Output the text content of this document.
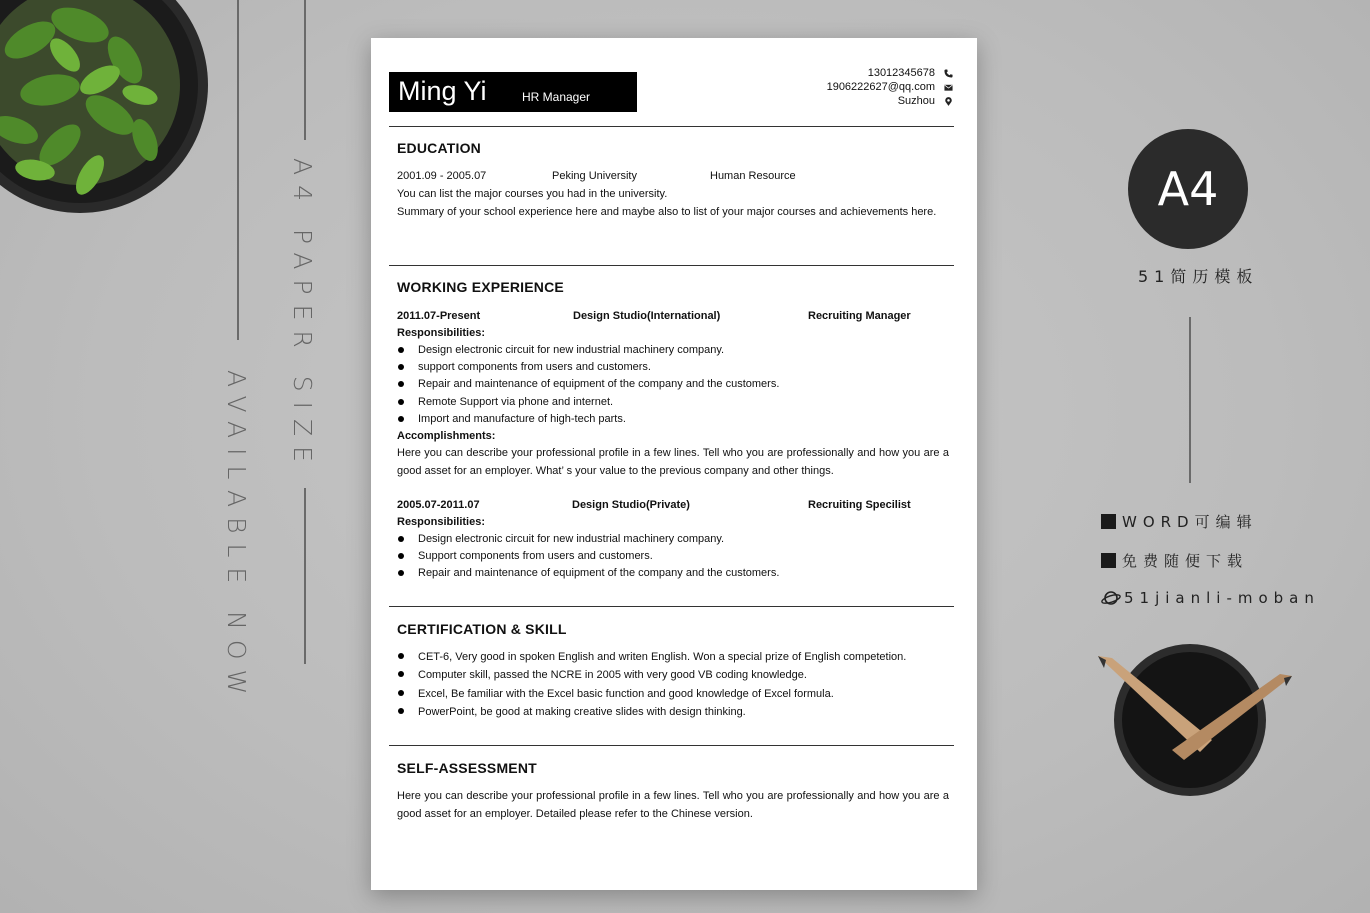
A4 PAPER SIZE
AVAILABLE NOW
A4
51简历模板
WORD可编辑
免费随便下载
51jianli-moban
Ming Yi	HR Manager
13012345678
1906222627@qq.com
Suzhou
EDUCATION
2001.09 - 2005.07	Peking University	Human Resource
You can list the major courses you had in the university.
Summary of your school experience here and maybe also to list of your major courses and achievements here.
WORKING EXPERIENCE
2011.07-Present	Design Studio(International)	Recruiting Manager
Responsibilities:
Design electronic circuit for new industrial machinery company.
support components from users and customers.
Repair and maintenance of equipment of the company and the customers.
Remote Support via phone and internet.
Import and manufacture of high-tech parts.
Accomplishments:
Here you can describe your professional profile in a few lines. Tell who you are professionally and how you are a good asset for an employer. What’ s your value to the previous company and other things.
2005.07-2011.07	Design Studio(Private)	Recruiting Specilist
Responsibilities:
Design electronic circuit for new industrial machinery company.
Support components from users and customers.
Repair and maintenance of equipment of the company and the customers.
CERTIFICATION & SKILL
CET-6, Very good in spoken English and writen English. Won a special prize of English competetion.
Computer skill, passed the NCRE in 2005 with very good VB coding knowledge.
Excel, Be familiar with the Excel basic function and good knowledge of Excel formula.
PowerPoint, be good at making creative slides with design thinking.
SELF-ASSESSMENT
Here you can describe your professional profile in a few lines. Tell who you are professionally and how you are a good asset for an employer. Detailed please refer to the Chinese version.
